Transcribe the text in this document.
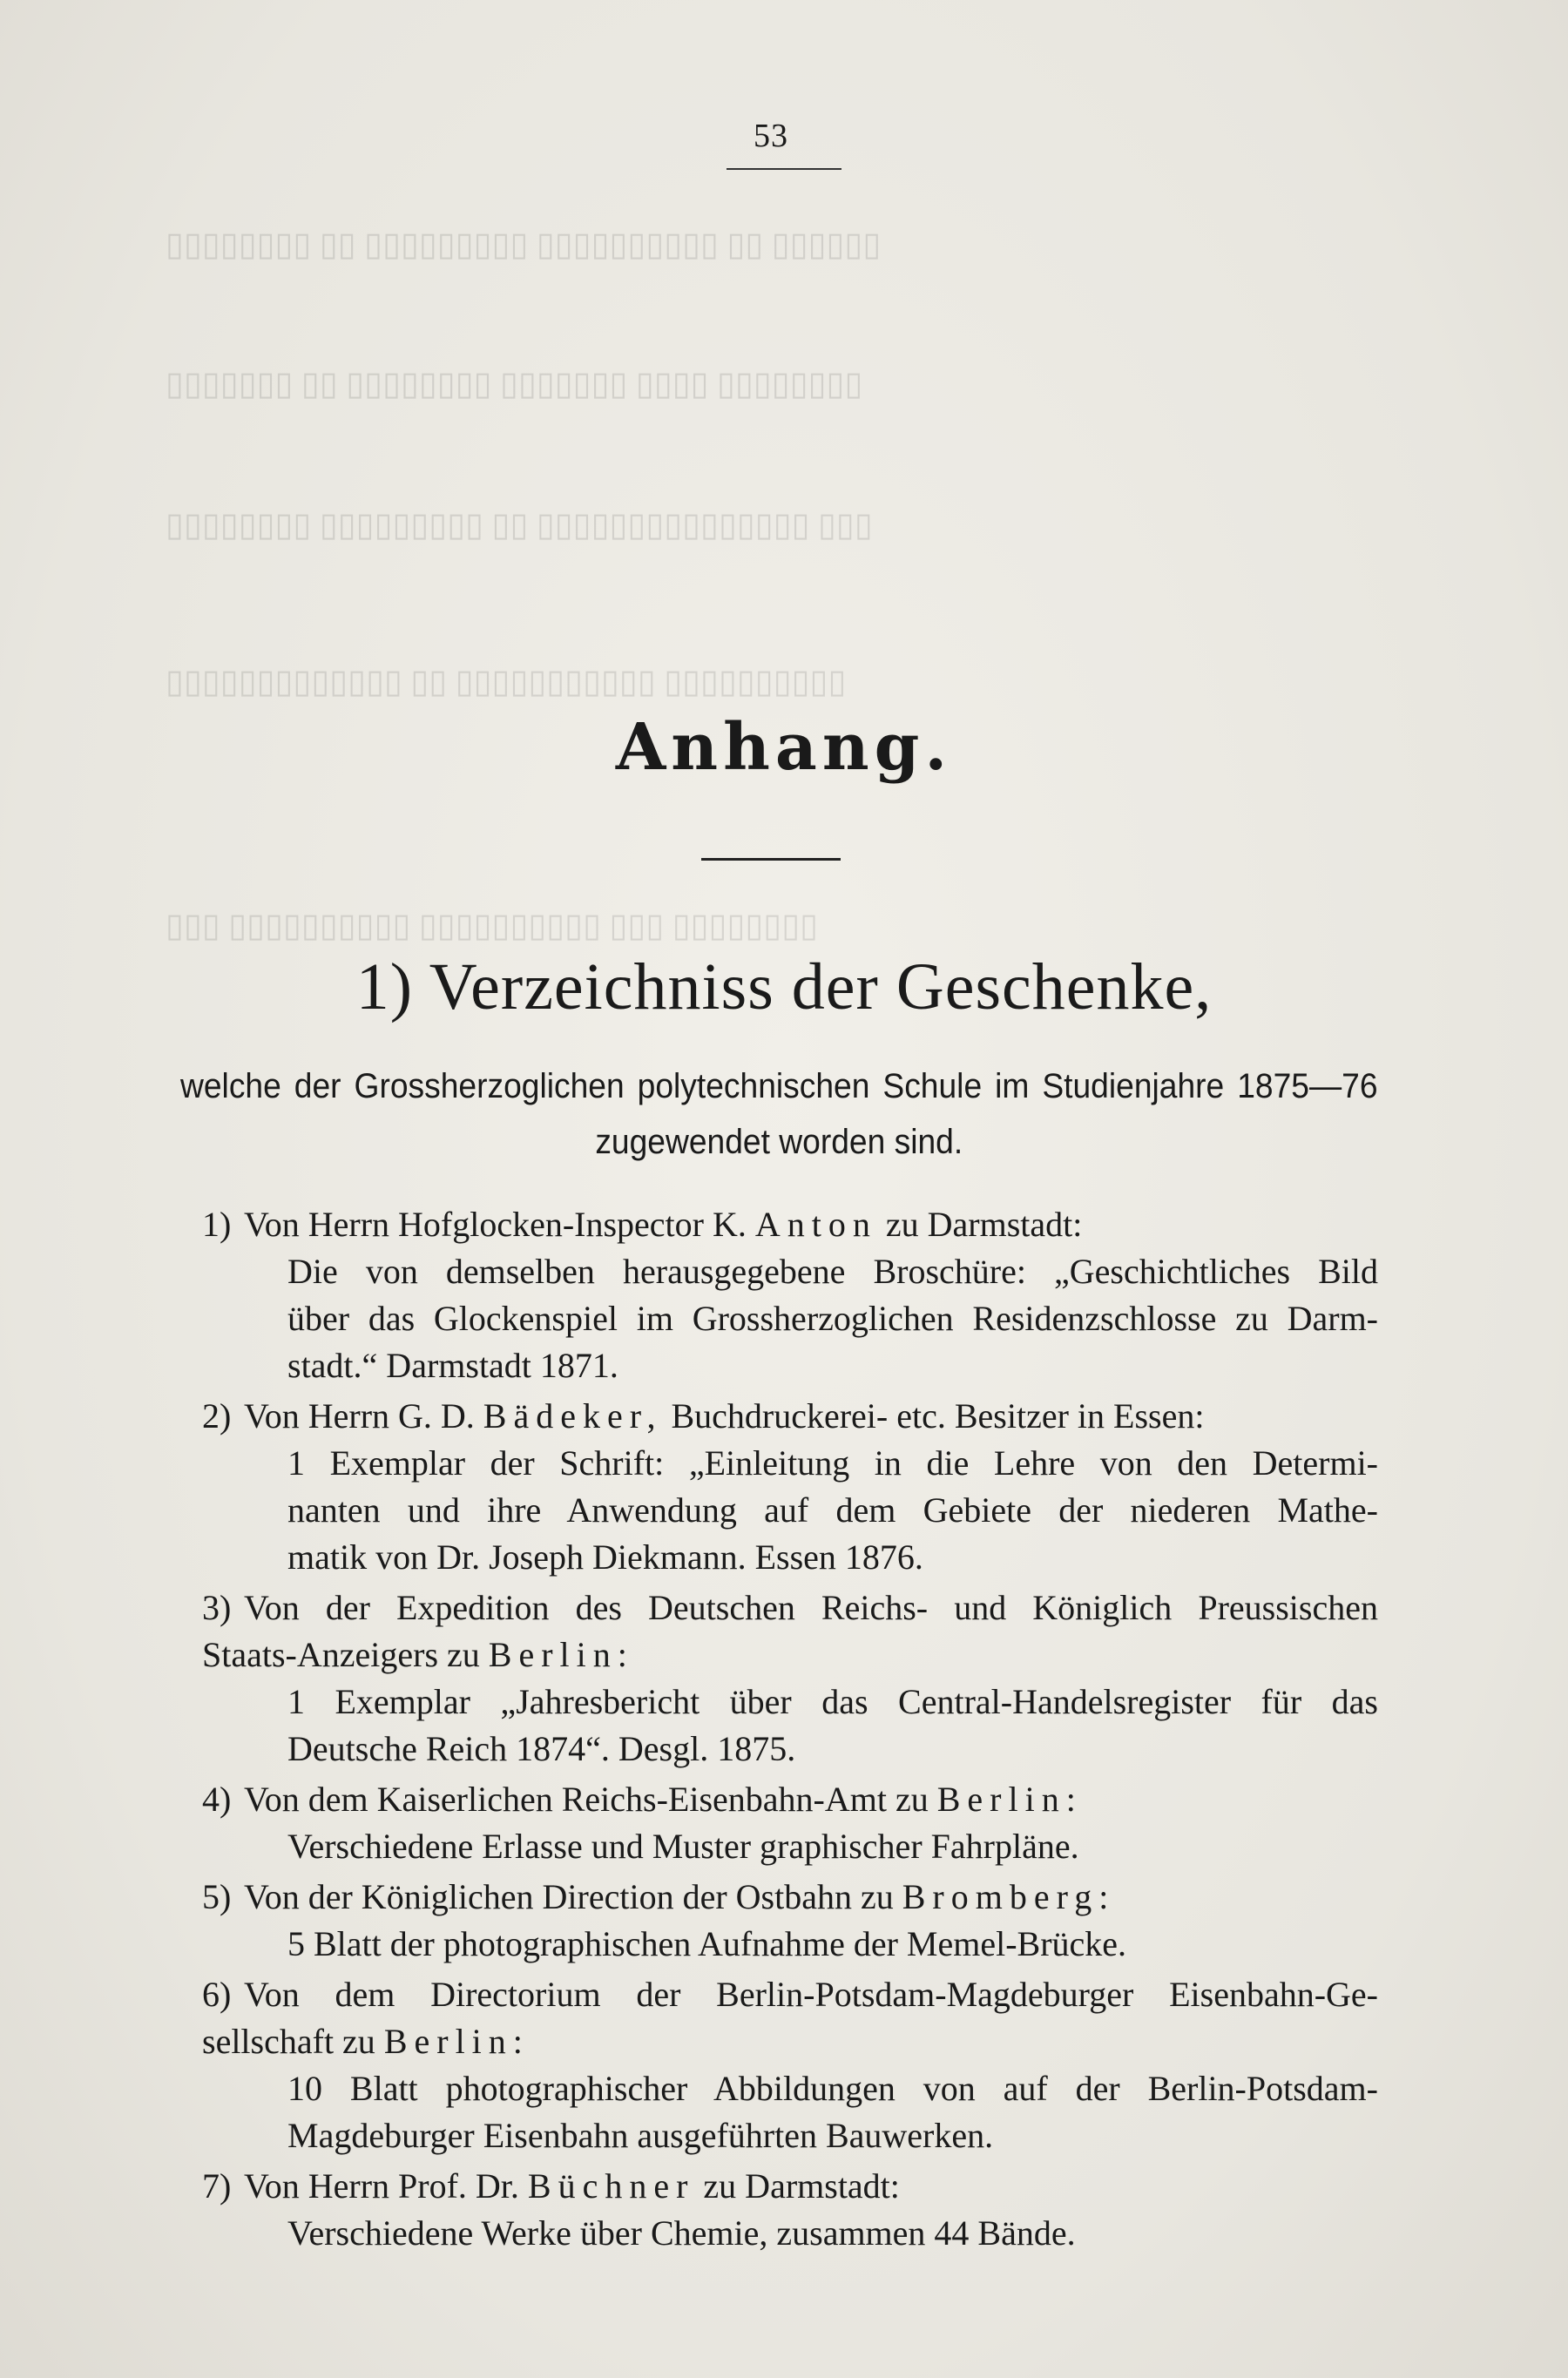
▯▯▯▯▯▯ ▯▯ ▯▯▯▯▯▯▯▯▯▯ ▯▯▯▯▯▯▯▯▯ ▯▯ ▯▯▯▯▯▯▯▯
▯▯▯▯▯▯▯▯ ▯▯▯▯ ▯▯▯▯▯▯▯ ▯▯▯▯▯▯▯▯ ▯▯ ▯▯▯▯▯▯▯
▯▯▯ ▯▯▯▯▯▯▯▯▯▯▯▯▯▯▯ ▯▯ ▯▯▯▯▯▯▯▯▯ ▯▯▯▯▯▯▯▯
▯▯▯▯▯▯▯▯▯▯ ▯▯▯▯▯▯▯▯▯▯▯ ▯▯ ▯▯▯▯▯▯▯▯▯▯▯▯▯
▯▯▯▯▯▯▯▯ ▯▯▯ ▯▯▯▯▯▯▯▯▯▯ ▯▯▯▯▯▯▯▯▯▯ ▯▯▯
53
Anhang.
1) Verzeichniss der Geschenke,
welche der Grossherzoglichen polytechnischen Schule im Studienjahre 1875—76 zugewendet worden sind.
1) Von Herrn Hofglocken-Inspector K. Anton zu Darmstadt:
Die von demselben herausgegebene Broschüre: „Geschichtliches Bild
über das Glockenspiel im Grossherzoglichen Residenzschlosse zu Darm-
stadt.“ Darmstadt 1871.
2) Von Herrn G. D. Bädeker, Buchdruckerei- etc. Besitzer in Essen:
1 Exemplar der Schrift: „Einleitung in die Lehre von den Determi-
nanten und ihre Anwendung auf dem Gebiete der niederen Mathe-
matik von Dr. Joseph Diekmann. Essen 1876.
3) Von der Expedition des Deutschen Reichs- und Königlich Preussischen
Staats-Anzeigers zu Berlin:
1 Exemplar „Jahresbericht über das Central-Handelsregister für das
Deutsche Reich 1874“. Desgl. 1875.
4) Von dem Kaiserlichen Reichs-Eisenbahn-Amt zu Berlin:
Verschiedene Erlasse und Muster graphischer Fahrpläne.
5) Von der Königlichen Direction der Ostbahn zu Bromberg:
5 Blatt der photographischen Aufnahme der Memel-Brücke.
6) Von dem Directorium der Berlin-Potsdam-Magdeburger Eisenbahn-Ge-
sellschaft zu Berlin:
10 Blatt photographischer Abbildungen von auf der Berlin-Potsdam-
Magdeburger Eisenbahn ausgeführten Bauwerken.
7) Von Herrn Prof. Dr. Büchner zu Darmstadt:
Verschiedene Werke über Chemie, zusammen 44 Bände.
